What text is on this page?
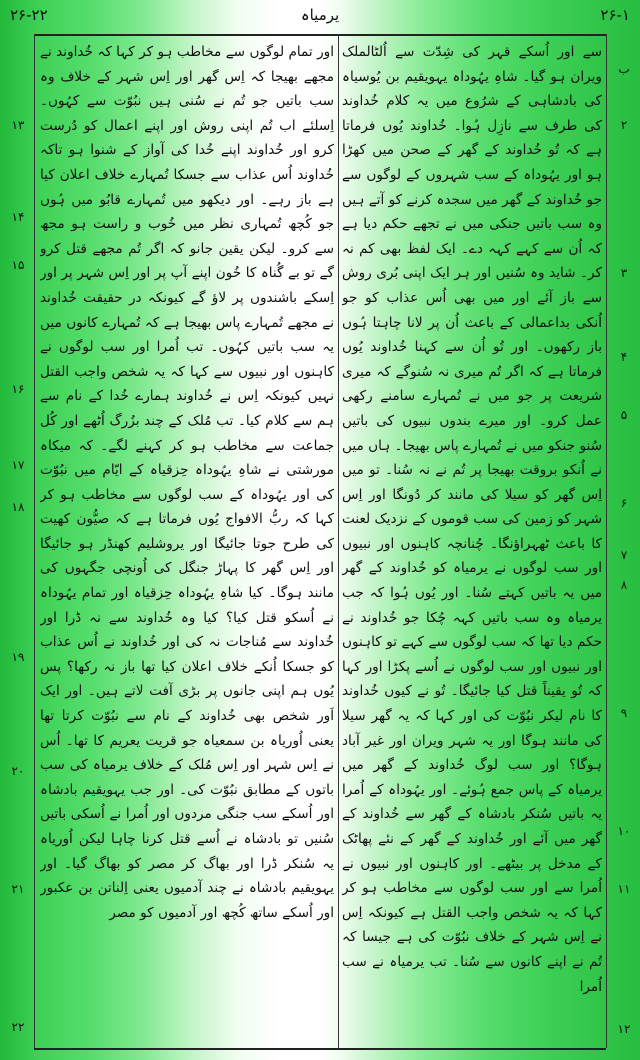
۲۶-۲۲	یرمیاہ	۲۶-۱

سے اور اُسکے قہر کی شِدّت سے اُلٹالملک ویران ہو گیا۔ شاہِ یہُوداہ یہویقیم بن یُوسیاہ کی بادشاہی کے شرُوع میں یہ کلام خُداوند کی طرف سے نازِل ہُوا۔ خُداوند یُوں فرماتا ہے کہ تُو خُداوند کے گھر کے صحن میں کھڑا ہو اور یہُوداہ کے سب شہروں کے لوگوں سے جو خُداوند کے گھر میں سجدہ کرنے کو آتے ہیں وہ سب باتیں جنکی میں نے تجھے حکم دیا ہے کہ اُن سے کہے کہہ دے۔ ایک لفظ بھی کم نہ کر۔ شاید وہ سُنیں اور ہر ایک اپنی بُری روش سے باز آئے اور میں بھی اُس عذاب کو جو اُنکی بداعمالی کے باعث اُن پر لانا چاہتا ہُوں باز رکھوں۔ اور تُو اُن سے کہنا خُداوند یُوں فرماتا ہے کہ اگر تُم میری نہ سُنوگے کہ میری شریعت پر جو میں نے تُمہارے سامنے رکھی عمل کرو۔ اور میرے بندوں نبیوں کی باتیں سُنو جنکو میں نے تُمہارے پاس بھیجا۔ ہاں میں نے اُنکو بروقت بھیجا پر تُم نے نہ سُنا۔ تو میں اِس گھر کو سیلا کی مانند کر دُونگا اور اِس شہر کو زمین کی سب قوموں کے نزدیک لعنت کا باعث ٹھہراؤنگا۔ چُنانچہ کاہنوں اور نبیوں اور سب لوگوں نے یرمیاہ کو خُداوند کے گھر میں یہ باتیں کہتے سُنا۔ اور یُوں ہُوا کہ جب یرمیاہ وہ سب باتیں کہہ چُکا جو خُداوند نے حکم دیا تھا کہ سب لوگوں سے کہے تو کاہنوں اور نبیوں اور سب لوگوں نے اُسے پکڑا اور کہا کہ تُو یقیناً قتل کیا جائیگا۔ تُو نے کیوں خُداوند کا نام لیکر نبُوّت کی اور کہا کہ یہ گھر سیلا کی مانند ہوگا اور یہ شہر ویران اور غیر آباد ہوگا؟ اور سب لوگ خُداوند کے گھر میں یرمیاہ کے پاس جمع ہُوئے۔ اور یہُوداہ کے اُمرا یہ باتیں سُنکر بادشاہ کے گھر سے خُداوند کے گھر میں آئے اور خُداوند کے گھر کے نئے پھاٹک کے مدخل پر بیٹھے۔ اور کاہنوں اور نبیوں نے اُمرا سے اور سب لوگوں سے مخاطب ہو کر کہا کہ یہ شخص واجب القتل ہے کیونکہ اِس نے اِس شہر کے خلاف نبُوّت کی ہے جیسا کہ تُم نے اپنے کانوں سے سُنا۔ تب یرمیاہ نے سب اُمرا

اور تمام لوگوں سے مخاطب ہو کر کہا کہ خُداوند نے مجھے بھیجا کہ اِس گھر اور اِس شہر کے خلاف وہ سب باتیں جو تُم نے سُنی ہیں نبُوّت سے کہُوں۔ اِسلئے اب تُم اپنی روش اور اپنے اعمال کو دُرست کرو اور خُداوند اپنے خُدا کی آواز کے شنوا ہو تاکہ خُداوند اُس عذاب سے جسکا تُمہارے خلاف اعلان کیا ہے باز رہے۔ اور دیکھو میں تُمہارے قابُو میں ہُوں جو کُچھ تُمہاری نظر میں خُوب و راست ہو مجھ سے کرو۔ لیکن یقین جانو کہ اگر تُم مجھے قتل کرو گے تو بے گُناہ کا خُون اپنے آپ پر اور اِس شہر پر اور اِسکے باشندوں پر لاؤ گے کیونکہ در حقیقت خُداوند نے مجھے تُمہارے پاس بھیجا ہے کہ تُمہارے کانوں میں یہ سب باتیں کہُوں۔ تب اُمرا اور سب لوگوں نے کاہنوں اور نبیوں سے کہا کہ یہ شخص واجب القتل نہیں کیونکہ اِس نے خُداوند ہمارے خُدا کے نام سے ہم سے کلام کیا۔ تب مُلک کے چند بزُرگ اُٹھے اور کُل جماعت سے مخاطب ہو کر کہنے لگے۔ کہ میکاہ مورشتی نے شاہِ یہُوداہ حِزقیاہ کے ایّام میں نبُوّت کی اور یہُوداہ کے سب لوگوں سے مخاطب ہو کر کہا کہ ربُّ الافواج یُوں فرماتا ہے کہ صیُّون کھیت کی طرح جوتا جائیگا اور یروشلیم کھنڈر ہو جائیگا اور اِس گھر کا پہاڑ جنگل کی اُونچی جگہوں کی مانند ہوگا۔ کیا شاہِ یہُوداہ حِزقیاہ اور تمام یہُوداہ نے اُسکو قتل کیا؟ کیا وہ خُداوند سے نہ ڈرا اور خُداوند سے مُناجات نہ کی اور خُداوند نے اُس عذاب کو جسکا اُنکے خلاف اعلان کیا تھا باز نہ رکھا؟ پس یُوں ہم اپنی جانوں پر بڑی آفت لاتے ہیں۔ اور ایک اَور شخص بھی خُداوند کے نام سے نبُوّت کرتا تھا یعنی اُوریاہ بن سمعیاہ جو قریت یعریم کا تھا۔ اُس نے اِس شہر اور اِس مُلک کے خلاف یرمیاہ کی سب باتوں کے مطابق نبُوّت کی۔ اور جب یہویقیم بادشاہ اور اُسکے سب جنگی مردوں اور اُمرا نے اُسکی باتیں سُنیں تو بادشاہ نے اُسے قتل کرنا چاہا لیکن اُوریاہ یہ سُنکر ڈرا اور بھاگ کر مصر کو بھاگ گیا۔ اور یہویقیم بادشاہ نے چند آدمیوں یعنی اِلناتن بن عکبور اور اُسکے ساتھ کُچھ اور آدمیوں کو مصر

ب
۲
۳
۴
۵
۶
۷
۸
۹
۱۰
۱۱
۱۲
۱۳
۱۴
۱۵
۱۶
۱۷
۱۸
۱۹
۲۰
۲۱
۲۲
